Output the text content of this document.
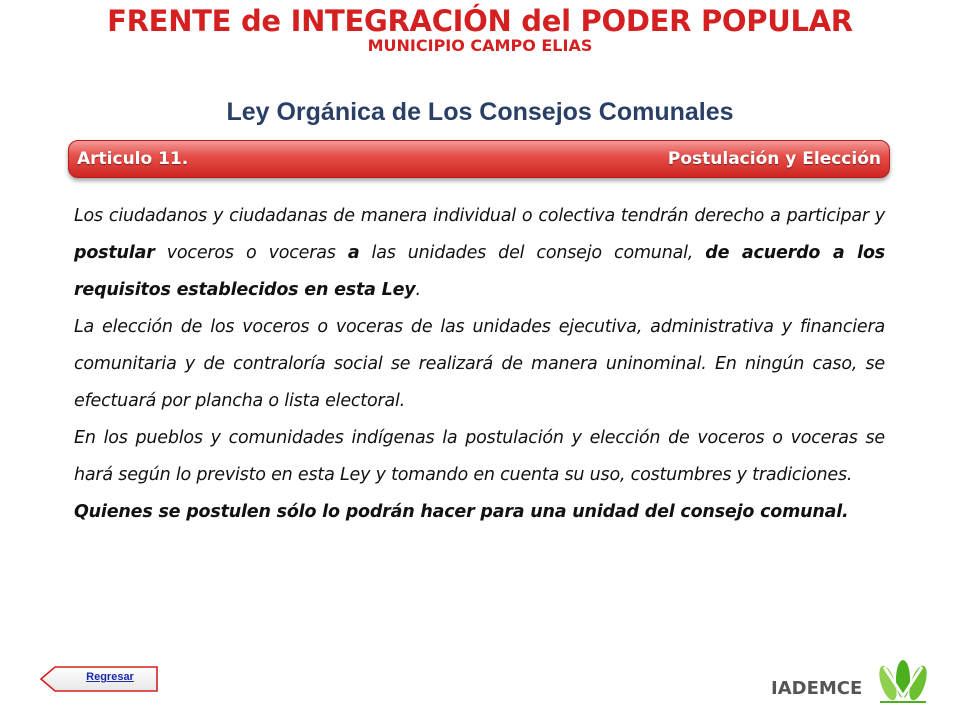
FRENTE de INTEGRACIÓN del PODER POPULAR
MUNICIPIO CAMPO ELIAS
Ley Orgánica de Los Consejos Comunales
Articulo 11.	Postulación y Elección

Los ciudadanos y ciudadanas de manera individual o colectiva tendrán derecho a participar y postular voceros o voceras a las unidades del consejo comunal, de acuerdo a los requisitos establecidos en esta Ley.

La elección de los voceros o voceras de las unidades ejecutiva, administrativa y financiera comunitaria y de contraloría social se realizará de manera uninominal. En ningún caso, se efectuará por plancha o lista electoral.

En los pueblos y comunidades indígenas la postulación y elección de voceros o voceras se hará según lo previsto en esta Ley y tomando en cuenta su uso, costumbres y tradiciones.

Quienes se postulen sólo lo podrán hacer para una unidad del consejo comunal.

Regresar
IADEMCE
